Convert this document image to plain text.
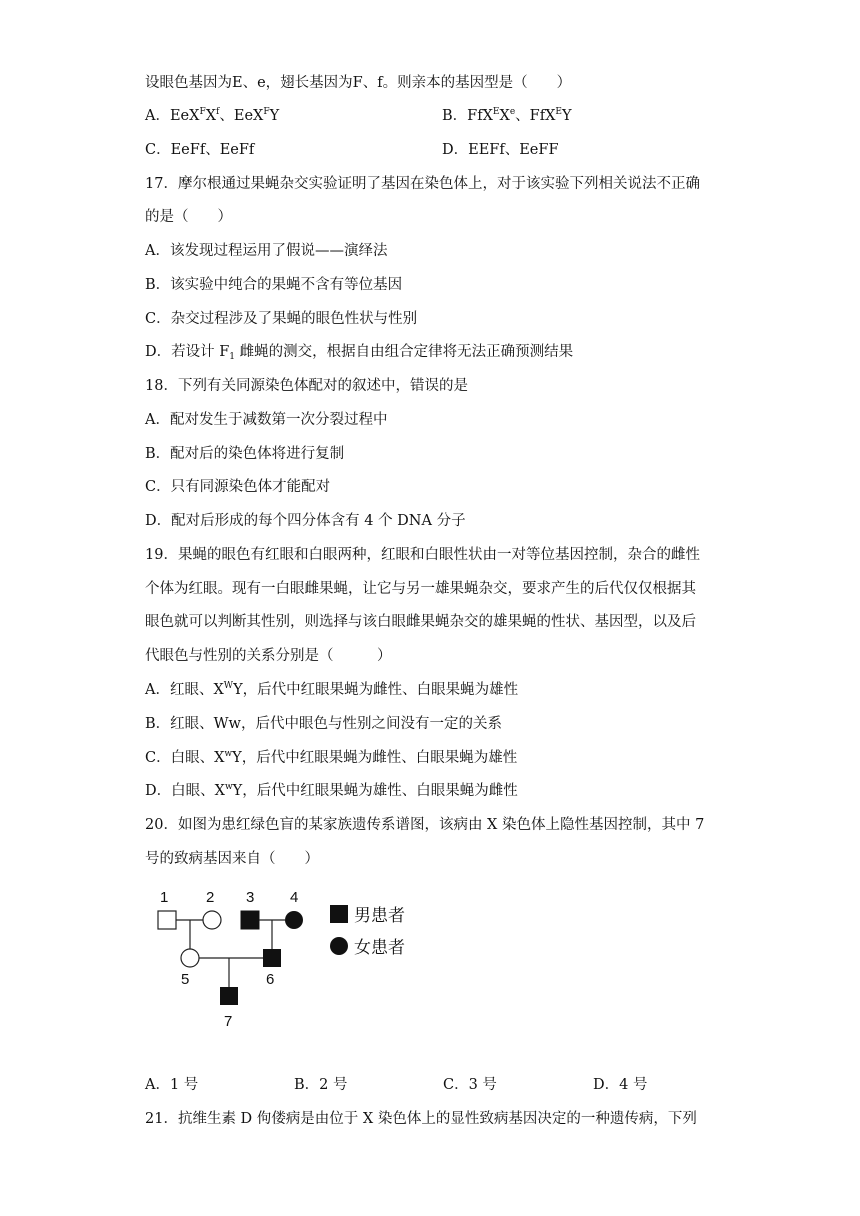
设眼色基因为E、e，翅长基因为F、f。则亲本的基因型是（　　）
A．$EeX^FX^f$、EeX$^F$Y	B．FfX$^E$Xe、FfX$^E$Y
C．EeFf、EeFf	D．EEFf、EeFF
17．摩尔根通过果蝇杂交实验证明了基因在染色体上，对于该实验下列相关说法不正确
的是（　　）
A．该发现过程运用了假说——演绎法
B．该实验中纯合的果蝇不含有等位基因
C．杂交过程涉及了果蝇的眼色性状与性别
D．若设计 $F_1$ 雌蝇的测交，根据自由组合定律将无法正确预测结果
18．下列有关同源染色体配对的叙述中，错误的是
A．配对发生于减数第一次分裂过程中
B．配对后的染色体将进行复制
C．只有同源染色体才能配对
D．配对后形成的每个四分体含有 4 个 DNA 分子
19．果蝇的眼色有红眼和白眼两种，红眼和白眼性状由一对等位基因控制，杂合的雌性
个体为红眼。现有一白眼雌果蝇，让它与另一雄果蝇杂交，要求产生的后代仅仅根据其
眼色就可以判断其性别，则选择与该白眼雌果蝇杂交的雄果蝇的性状、基因型，以及后
代眼色与性别的关系分别是（　　　）
A．红眼、$X^WY$，后代中红眼果蝇为雌性、白眼果蝇为雄性
B．红眼、Ww，后代中眼色与性别之间没有一定的关系
C．白眼、$X^wY$，后代中红眼果蝇为雌性、白眼果蝇为雄性
D．白眼、$X^wY$，后代中红眼果蝇为雄性、白眼果蝇为雌性
20．如图为患红绿色盲的某家族遗传系谱图，该病由 X 染色体上隐性基因控制，其中 7
号的致病基因来自（　　）
1	2 3 4
5	6
7
男患者
女患者
A．1 号	B．2 号	C．3 号	D．4 号
21．抗维生素 D 佝偻病是由位于 X 染色体上的显性致病基因决定的一种遗传病，下列
